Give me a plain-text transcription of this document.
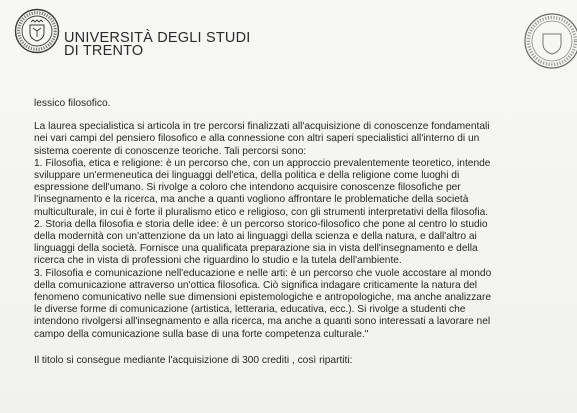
UNIVERSITÀ DEGLI STUDI
DI TRENTO

lessico filosofico.

La laurea specialistica si articola in tre percorsi finalizzati all'acquisizione di conoscenze fondamentali
nei vari campi del pensiero filosofico e alla connessione con altri saperi specialistici all'interno di un
sistema coerente di conoscenze teoriche. Tali percorsi sono:
1. Filosofia, etica e religione: è un percorso che, con un approccio prevalentemente teoretico, intende
sviluppare un'ermeneutica dei linguaggi dell'etica, della politica e della religione come luoghi di
espressione dell'umano. Si rivolge a coloro che intendono acquisire conoscenze filosofiche per
l'insegnamento e la ricerca, ma anche a quanti vogliono affrontare le problematiche della società
multiculturale, in cui è forte il pluralismo etico e religioso, con gli strumenti interpretativi della filosofia.
2. Storia della filosofia e storia delle idee: è un percorso storico-filosofico che pone al centro lo studio
della modernità con un'attenzione da un lato ai linguaggi della scienza e della natura, e dall'altro ai
linguaggi della società. Fornisce una qualificata preparazione sia in vista dell'insegnamento e della
ricerca che in vista di professioni che riguardino lo studio e la tutela dell'ambiente.
3. Filosofia e comunicazione nell'educazione e nelle arti: è un percorso che vuole accostare al mondo
della comunicazione attraverso un'ottica filosofica. Ciò significa indagare criticamente la natura del
fenomeno comunicativo nelle sue dimensioni epistemologiche e antropologiche, ma anche analizzare
le diverse forme di comunicazione (artistica, letteraria, educativa, ecc.). Si rivolge a studenti che
intendono rivolgersi all'insegnamento e alla ricerca, ma anche a quanti sono interessati a lavorare nel
campo della comunicazione sulla base di una forte competenza culturale."

Il titolo si consegue mediante l'acquisizione di 300 crediti , così ripartiti:
